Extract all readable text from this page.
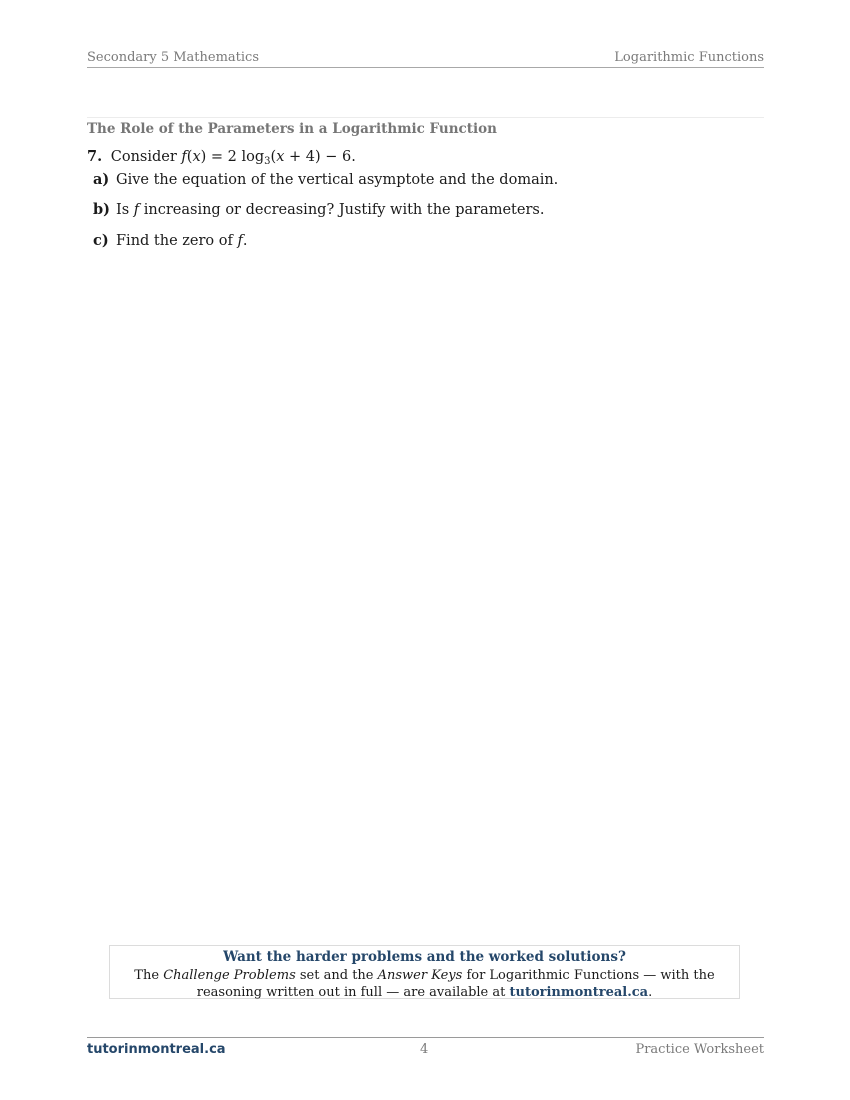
Secondary 5 Mathematics	Logarithmic Functions
The Role of the Parameters in a Logarithmic Function
7. Consider f(x) = 2 $\log_3(x + 4) - 6$.
a) Give the equation of the vertical asymptote and the domain.
b) Is f increasing or decreasing? Justify with the parameters.
c) Find the zero of f.
Want the harder problems and the worked solutions?
The Challenge Problems set and the Answer Keys for Logarithmic Functions — with the reasoning written out in full — are available at tutorinmontreal.ca.
tutorinmontreal.ca	4	Practice Worksheet
